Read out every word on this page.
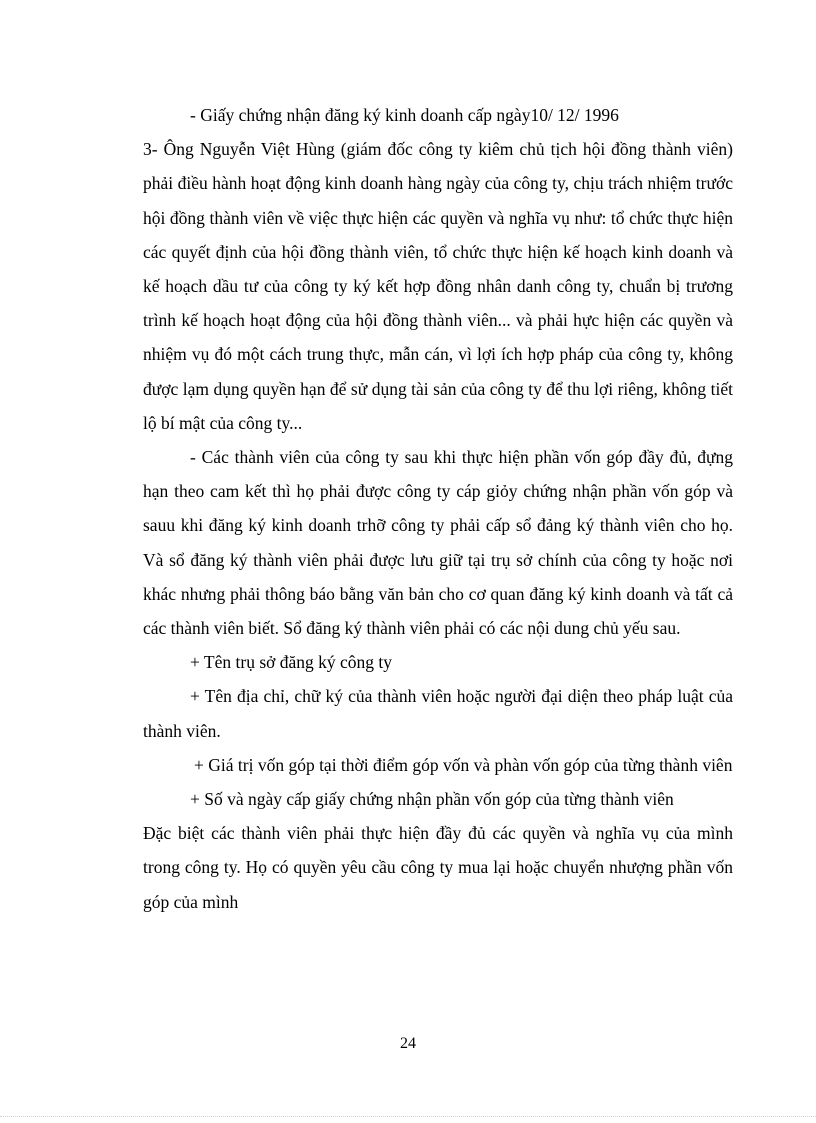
- Giấy chứng nhận đăng ký kinh doanh cấp ngày10/ 12/ 1996

3- Ông Nguyễn Việt Hùng (giám đốc công ty kiêm chủ tịch hội đồng thành viên) phải điều hành hoạt động kinh doanh hàng ngày của công ty, chịu trách nhiệm trước hội đồng thành viên về việc thực hiện các quyền và nghĩa vụ như: tổ chức thực hiện các quyết định của hội đồng thành viên, tổ chức thực hiện kế hoạch kinh doanh và kế hoạch dầu tư của công ty ký kết hợp đồng nhân danh công ty, chuẩn bị trương trình kế hoạch hoạt động của hội đồng thành viên... và phải hực hiện các quyền và nhiệm vụ đó một cách trung thực, mẫn cán, vì lợi ích hợp pháp của công ty, không được lạm dụng quyền hạn để sử dụng tài sản của công ty để thu lợi riêng, không tiết lộ bí mật của công ty...

- Các thành viên của công ty sau khi thực hiện phần vốn góp đầy đủ, đựng hạn theo cam kết thì họ phải được công ty cáp giỏy chứng nhận phần vốn góp và sauu khi đăng ký kinh doanh trhỡ công ty phải cấp sổ đảng ký thành viên cho họ. Và sổ đăng ký thành viên phải được lưu giữ tại trụ sở chính của công ty hoặc nơi khác nhưng phải thông báo bằng văn bản cho cơ quan đăng ký kinh doanh và tất cả các thành viên biết. Sổ đăng ký thành viên phải có các nội dung chủ yếu sau.

+ Tên trụ sở đăng ký công ty

+ Tên địa chỉ, chữ ký của thành viên hoặc người đại diện theo pháp luật của thành viên.

+ Giá trị vốn góp tại thời điểm góp vốn và phàn vốn góp của từng thành viên

+ Số và ngày cấp giấy chứng nhận phần vốn góp của từng thành viên

Đặc biệt các thành viên phải thực hiện đầy đủ các quyền và nghĩa vụ của mình trong công ty. Họ có quyền yêu cầu công ty mua lại hoặc chuyển nhượng phần vốn góp của mình

24
